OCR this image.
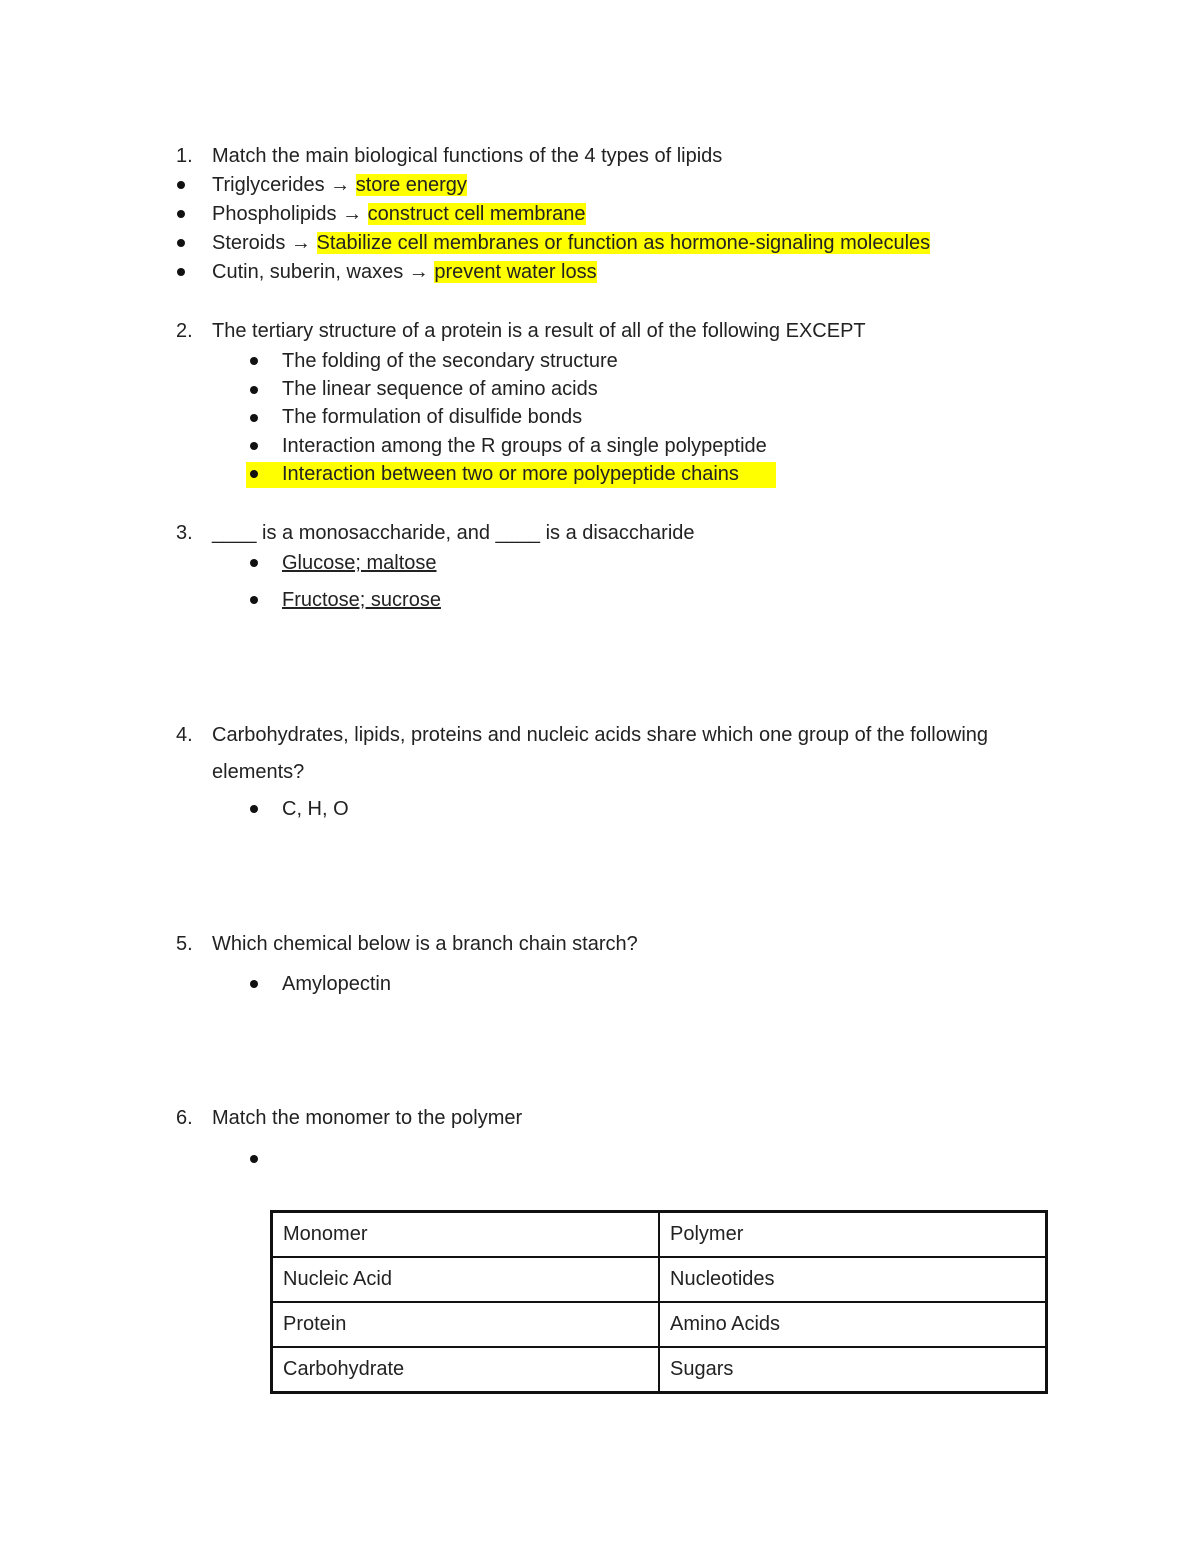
1. Match the main biological functions of the 4 types of lipids
Triglycerides → store energy
Phospholipids → construct cell membrane
Steroids → Stabilize cell membranes or function as hormone-signaling molecules
Cutin, suberin, waxes → prevent water loss
2. The tertiary structure of a protein is a result of all of the following EXCEPT
The folding of the secondary structure
The linear sequence of amino acids
The formulation of disulfide bonds
Interaction among the R groups of a single polypeptide
Interaction between two or more polypeptide chains
3. ____ is a monosaccharide, and ____ is a disaccharide
Glucose; maltose
Fructose; sucrose
4. Carbohydrates, lipids, proteins and nucleic acids share which one group of the following
elements?
C, H, O
5. Which chemical below is a branch chain starch?
Amylopectin
6. Match the monomer to the polymer
Monomer	Polymer
Nucleic Acid	Nucleotides
Protein	Amino Acids
Carbohydrate	Sugars
